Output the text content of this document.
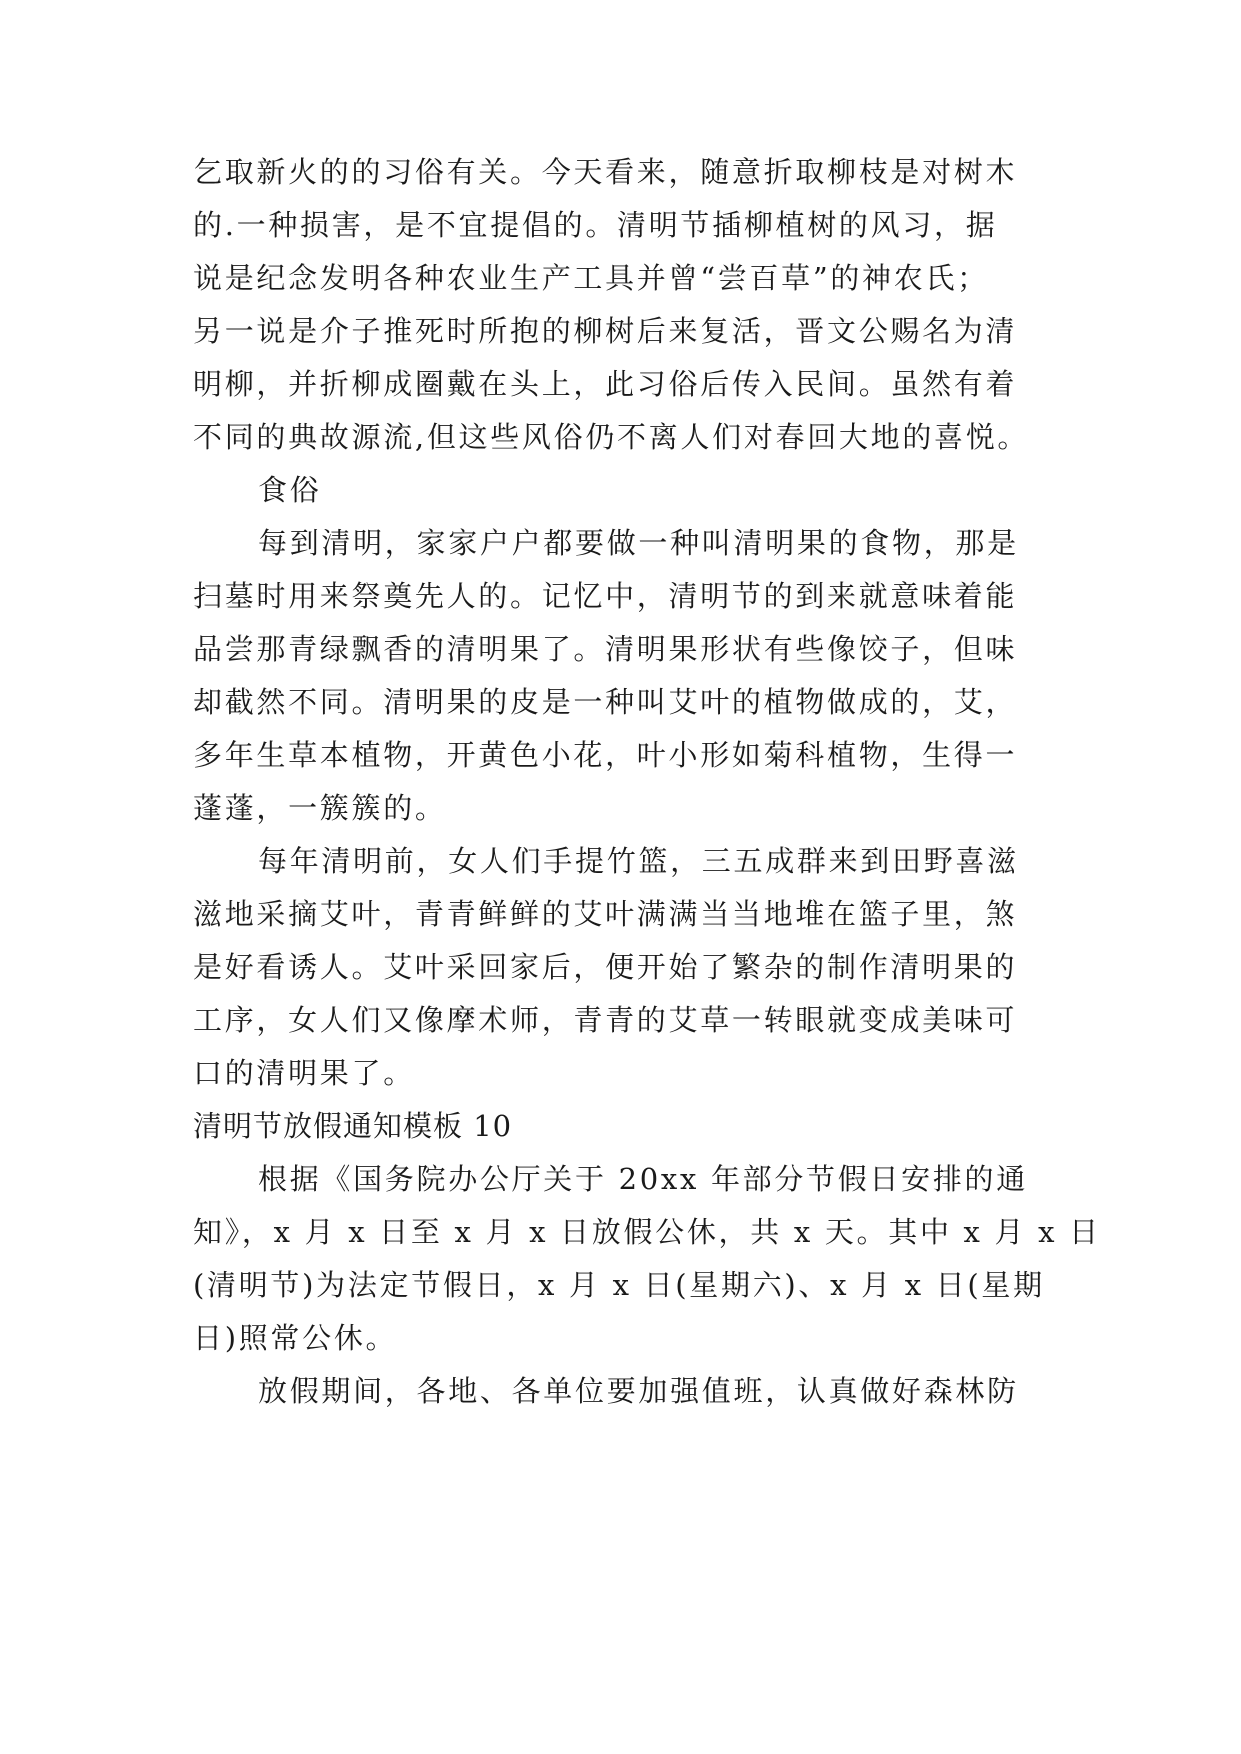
乞取新火的的习俗有关。今天看来，随意折取柳枝是对树木
的.一种损害，是不宜提倡的。清明节插柳植树的风习，据
说是纪念发明各种农业生产工具并曾“尝百草”的神农氏；
另一说是介子推死时所抱的柳树后来复活，晋文公赐名为清
明柳，并折柳成圈戴在头上，此习俗后传入民间。虽然有着
不同的典故源流,但这些风俗仍不离人们对春回大地的喜悦。
食俗
每到清明，家家户户都要做一种叫清明果的食物，那是
扫墓时用来祭奠先人的。记忆中，清明节的到来就意味着能
品尝那青绿飘香的清明果了。清明果形状有些像饺子，但味
却截然不同。清明果的皮是一种叫艾叶的植物做成的，艾，
多年生草本植物，开黄色小花，叶小形如菊科植物，生得一
蓬蓬，一簇簇的。
每年清明前，女人们手提竹篮，三五成群来到田野喜滋
滋地采摘艾叶，青青鲜鲜的艾叶满满当当地堆在篮子里，煞
是好看诱人。艾叶采回家后，便开始了繁杂的制作清明果的
工序，女人们又像摩术师，青青的艾草一转眼就变成美味可
口的清明果了。
清明节放假通知模板 10
根据《国务院办公厅关于 20xx 年部分节假日安排的通
知》，x 月 x 日至 x 月 x 日放假公休，共 x 天。其中 x 月 x 日
(清明节)为法定节假日，x 月 x 日(星期六)、x 月 x 日(星期
日)照常公休。
放假期间，各地、各单位要加强值班，认真做好森林防
